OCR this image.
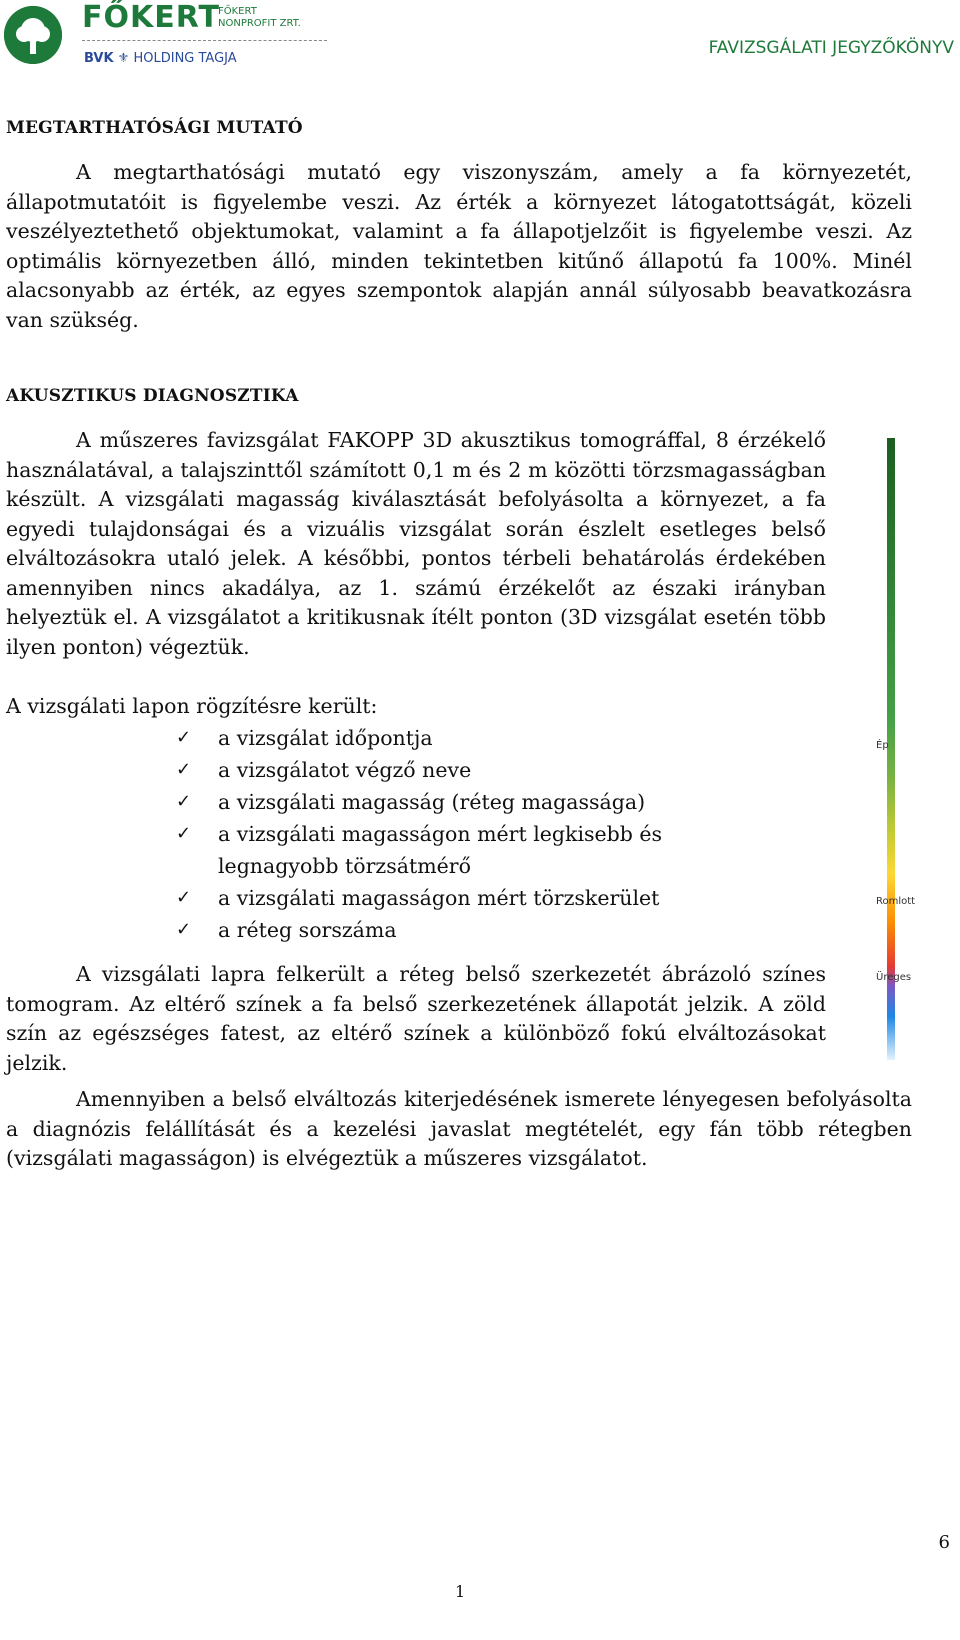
FŐKERT
FŐKERT
NONPROFIT ZRT.
BVK ⚜ HOLDING TAGJA
FAVIZSGÁLATI JEGYZŐKÖNYV
MEGTARTHATÓSÁGI MUTATÓ
A megtarthatósági mutató egy viszonyszám, amely a fa környezetét, állapotmutatóit is figyelembe veszi. Az érték a környezet látogatottságát, közeli veszélyeztethető objektumokat, valamint a fa állapotjelzőit is figyelembe veszi. Az optimális környezetben álló, minden tekintetben kitűnő állapotú fa 100%. Minél alacsonyabb az érték, az egyes szempontok alapján annál súlyosabb beavatkozásra van szükség.
AKUSZTIKUS DIAGNOSZTIKA
A műszeres favizsgálat FAKOPP 3D akusztikus tomográffal, 8 érzékelő használatával, a talajszinttől számított 0,1 m és 2 m közötti törzsmagasságban készült. A vizsgálati magasság kiválasztását befolyásolta a környezet, a fa egyedi tulajdonságai és a vizuális vizsgálat során észlelt esetleges belső elváltozásokra utaló jelek. A későbbi, pontos térbeli behatárolás érdekében amennyiben nincs akadálya, az 1. számú érzékelőt az északi irányban helyeztük el. A vizsgálatot a kritikusnak ítélt ponton (3D vizsgálat esetén több ilyen ponton) végeztük.
A vizsgálati lapon rögzítésre került:
✓ a vizsgálat időpontja
✓ a vizsgálatot végző neve
✓ a vizsgálati magasság (réteg magassága)
✓ a vizsgálati magasságon mért legkisebb és legnagyobb törzsátmérő
✓ a vizsgálati magasságon mért törzskerület
✓ a réteg sorszáma
A vizsgálati lapra felkerült a réteg belső szerkezetét ábrázoló színes tomogram. Az eltérő színek a fa belső szerkezetének állapotát jelzik. A zöld szín az egészséges fatest, az eltérő színek a különböző fokú elváltozásokat jelzik.
Amennyiben a belső elváltozás kiterjedésének ismerete lényegesen befolyásolta a diagnózis felállítását és a kezelési javaslat megtételét, egy fán több rétegben (vizsgálati magasságon) is elvégeztük a műszeres vizsgálatot.
Ép
Romlott
Üreges
6
1
